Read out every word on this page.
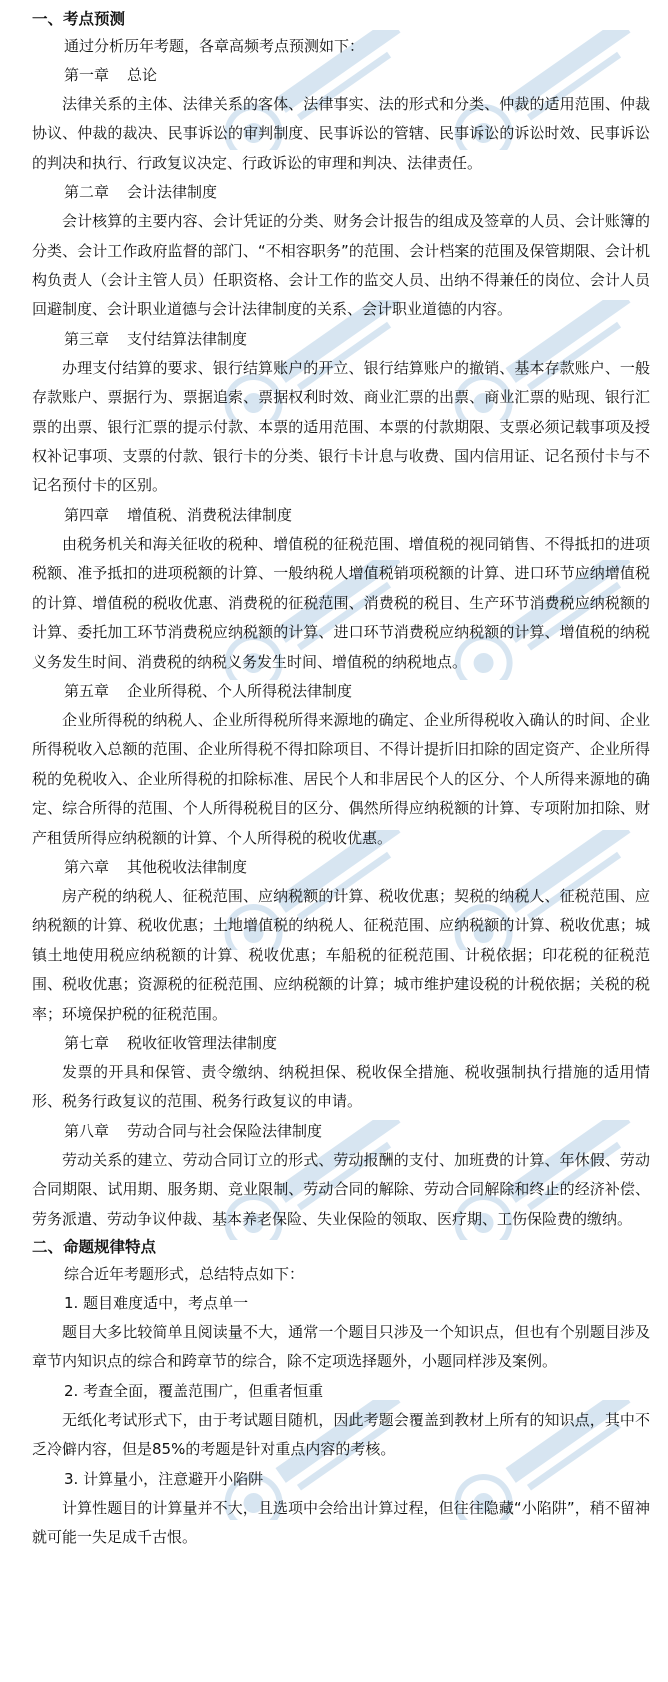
一、考点预测

通过分析历年考题，各章高频考点预测如下：

第一章 总论

法律关系的主体、法律关系的客体、法律事实、法的形式和分类、仲裁的适用范围、仲裁协议、仲裁的裁决、民事诉讼的审判制度、民事诉讼的管辖、民事诉讼的诉讼时效、民事诉讼的判决和执行、行政复议决定、行政诉讼的审理和判决、法律责任。

第二章 会计法律制度

会计核算的主要内容、会计凭证的分类、财务会计报告的组成及签章的人员、会计账簿的分类、会计工作政府监督的部门、“不相容职务”的范围、会计档案的范围及保管期限、会计机构负责人（会计主管人员）任职资格、会计工作的监交人员、出纳不得兼任的岗位、会计人员回避制度、会计职业道德与会计法律制度的关系、会计职业道德的内容。

第三章 支付结算法律制度

办理支付结算的要求、银行结算账户的开立、银行结算账户的撤销、基本存款账户、一般存款账户、票据行为、票据追索、票据权利时效、商业汇票的出票、商业汇票的贴现、银行汇票的出票、银行汇票的提示付款、本票的适用范围、本票的付款期限、支票必须记载事项及授权补记事项、支票的付款、银行卡的分类、银行卡计息与收费、国内信用证、记名预付卡与不记名预付卡的区别。

第四章 增值税、消费税法律制度

由税务机关和海关征收的税种、增值税的征税范围、增值税的视同销售、不得抵扣的进项税额、准予抵扣的进项税额的计算、一般纳税人增值税销项税额的计算、进口环节应纳增值税的计算、增值税的税收优惠、消费税的征税范围、消费税的税目、生产环节消费税应纳税额的计算、委托加工环节消费税应纳税额的计算、进口环节消费税应纳税额的计算、增值税的纳税义务发生时间、消费税的纳税义务发生时间、增值税的纳税地点。

第五章 企业所得税、个人所得税法律制度

企业所得税的纳税人、企业所得税所得来源地的确定、企业所得税收入确认的时间、企业所得税收入总额的范围、企业所得税不得扣除项目、不得计提折旧扣除的固定资产、企业所得税的免税收入、企业所得税的扣除标准、居民个人和非居民个人的区分、个人所得来源地的确定、综合所得的范围、个人所得税税目的区分、偶然所得应纳税额的计算、专项附加扣除、财产租赁所得应纳税额的计算、个人所得税的税收优惠。

第六章 其他税收法律制度

房产税的纳税人、征税范围、应纳税额的计算、税收优惠；契税的纳税人、征税范围、应纳税额的计算、税收优惠；土地增值税的纳税人、征税范围、应纳税额的计算、税收优惠；城镇土地使用税应纳税额的计算、税收优惠；车船税的征税范围、计税依据；印花税的征税范围、税收优惠；资源税的征税范围、应纳税额的计算；城市维护建设税的计税依据；关税的税率；环境保护税的征税范围。

第七章 税收征收管理法律制度

发票的开具和保管、责令缴纳、纳税担保、税收保全措施、税收强制执行措施的适用情形、税务行政复议的范围、税务行政复议的申请。

第八章 劳动合同与社会保险法律制度

劳动关系的建立、劳动合同订立的形式、劳动报酬的支付、加班费的计算、年休假、劳动合同期限、试用期、服务期、竞业限制、劳动合同的解除、劳动合同解除和终止的经济补偿、劳务派遣、劳动争议仲裁、基本养老保险、失业保险的领取、医疗期、工伤保险费的缴纳。

二、命题规律特点

综合近年考题形式，总结特点如下：

1. 题目难度适中，考点单一

题目大多比较简单且阅读量不大，通常一个题目只涉及一个知识点，但也有个别题目涉及章节内知识点的综合和跨章节的综合，除不定项选择题外，小题同样涉及案例。

2. 考查全面，覆盖范围广，但重者恒重

无纸化考试形式下，由于考试题目随机，因此考题会覆盖到教材上所有的知识点，其中不乏冷僻内容，但是85%的考题是针对重点内容的考核。

3. 计算量小，注意避开小陷阱

计算性题目的计算量并不大，且选项中会给出计算过程，但往往隐藏“小陷阱”，稍不留神就可能一失足成千古恨。
